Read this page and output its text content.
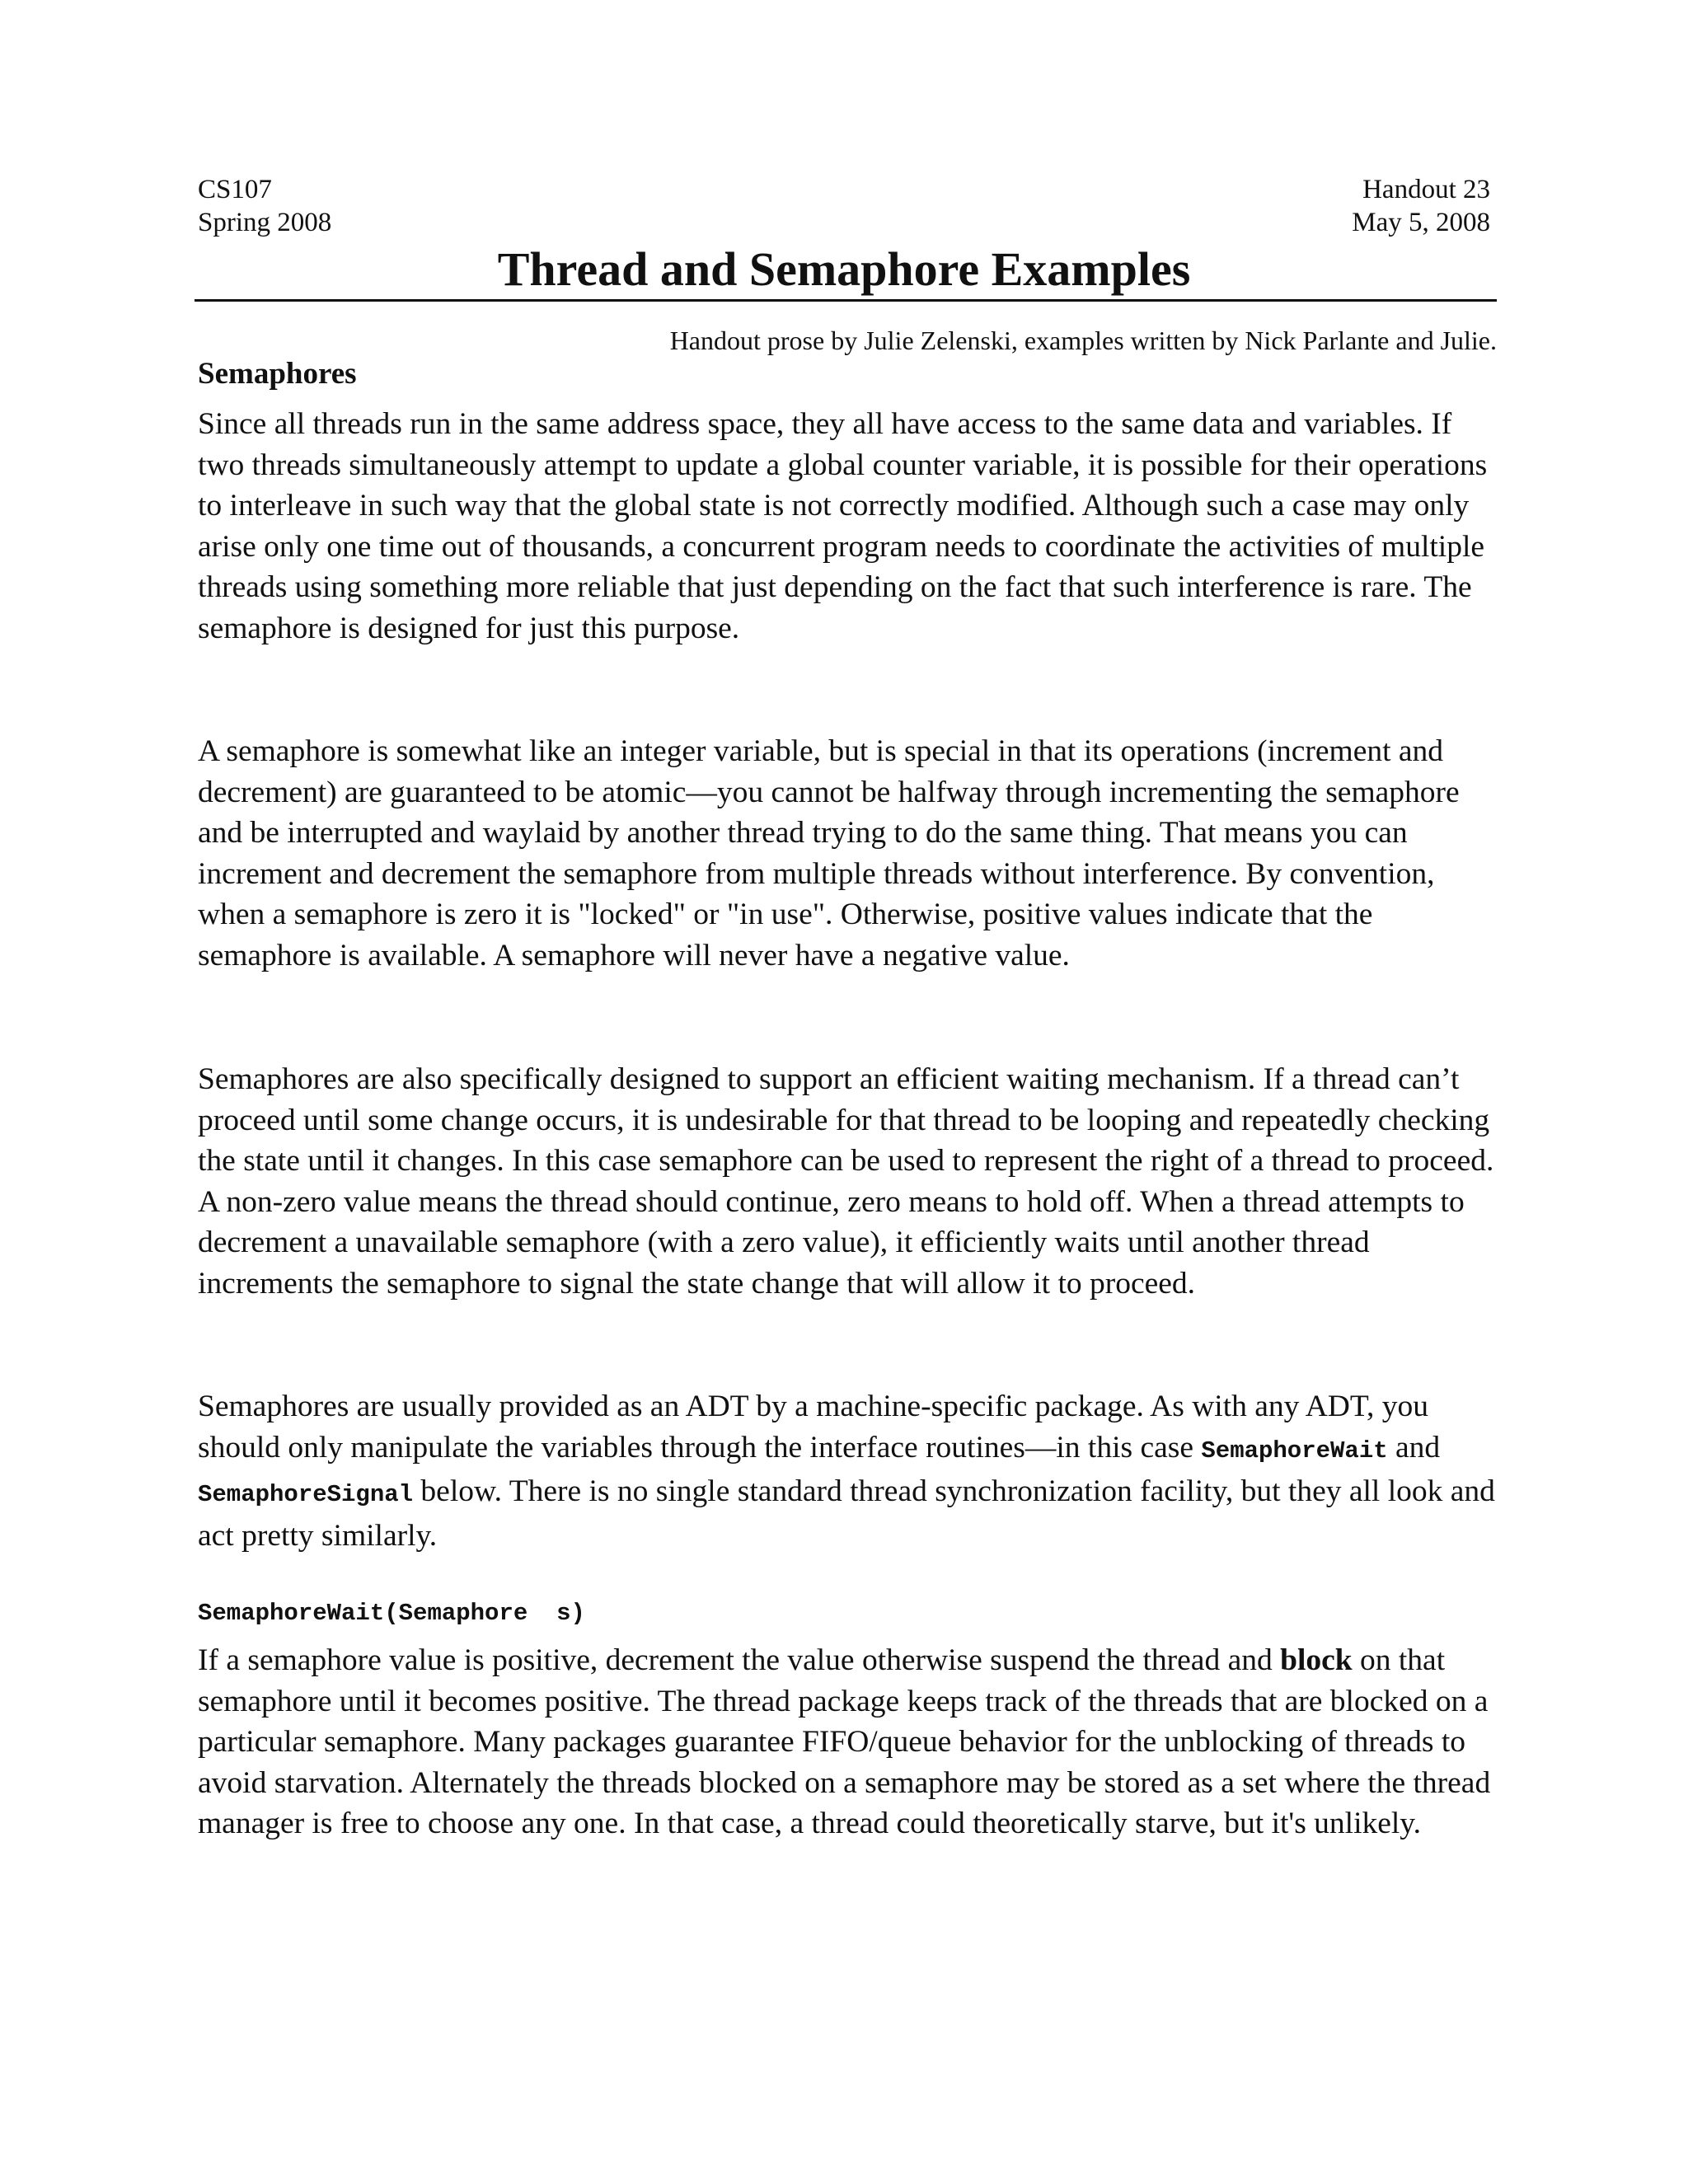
CS107
Spring 2008
Handout 23
May 5, 2008
Thread and Semaphore Examples
Handout prose by Julie Zelenski, examples written by Nick Parlante and Julie.
Semaphores

Since all threads run in the same address space, they all have access to the same data and variables. If two threads simultaneously attempt to update a global counter variable, it is possible for their operations to interleave in such way that the global state is not correctly modified. Although such a case may only arise only one time out of thousands, a concurrent program needs to coordinate the activities of multiple threads using something more reliable that just depending on the fact that such interference is rare. The semaphore is designed for just this purpose.

A semaphore is somewhat like an integer variable, but is special in that its operations (increment and decrement) are guaranteed to be atomic—you cannot be halfway through incrementing the semaphore and be interrupted and waylaid by another thread trying to do the same thing. That means you can increment and decrement the semaphore from multiple threads without interference. By convention, when a semaphore is zero it is "locked" or "in use". Otherwise, positive values indicate that the semaphore is available. A semaphore will never have a negative value.

Semaphores are also specifically designed to support an efficient waiting mechanism. If a thread can’t proceed until some change occurs, it is undesirable for that thread to be looping and repeatedly checking the state until it changes. In this case semaphore can be used to represent the right of a thread to proceed. A non-zero value means the thread should continue, zero means to hold off. When a thread attempts to decrement a unavailable semaphore (with a zero value), it efficiently waits until another thread increments the semaphore to signal the state change that will allow it to proceed.

Semaphores are usually provided as an ADT by a machine-specific package. As with any ADT, you should only manipulate the variables through the interface routines—in this case SemaphoreWait and SemaphoreSignal below. There is no single standard thread synchronization facility, but they all look and act pretty similarly.

SemaphoreWait(Semaphore  s)

If a semaphore value is positive, decrement the value otherwise suspend the thread and block on that semaphore until it becomes positive. The thread package keeps track of the threads that are blocked on a particular semaphore. Many packages guarantee FIFO/queue behavior for the unblocking of threads to avoid starvation. Alternately the threads blocked on a semaphore may be stored as a set where the thread manager is free to choose any one. In that case, a thread could theoretically starve, but it's unlikely.
